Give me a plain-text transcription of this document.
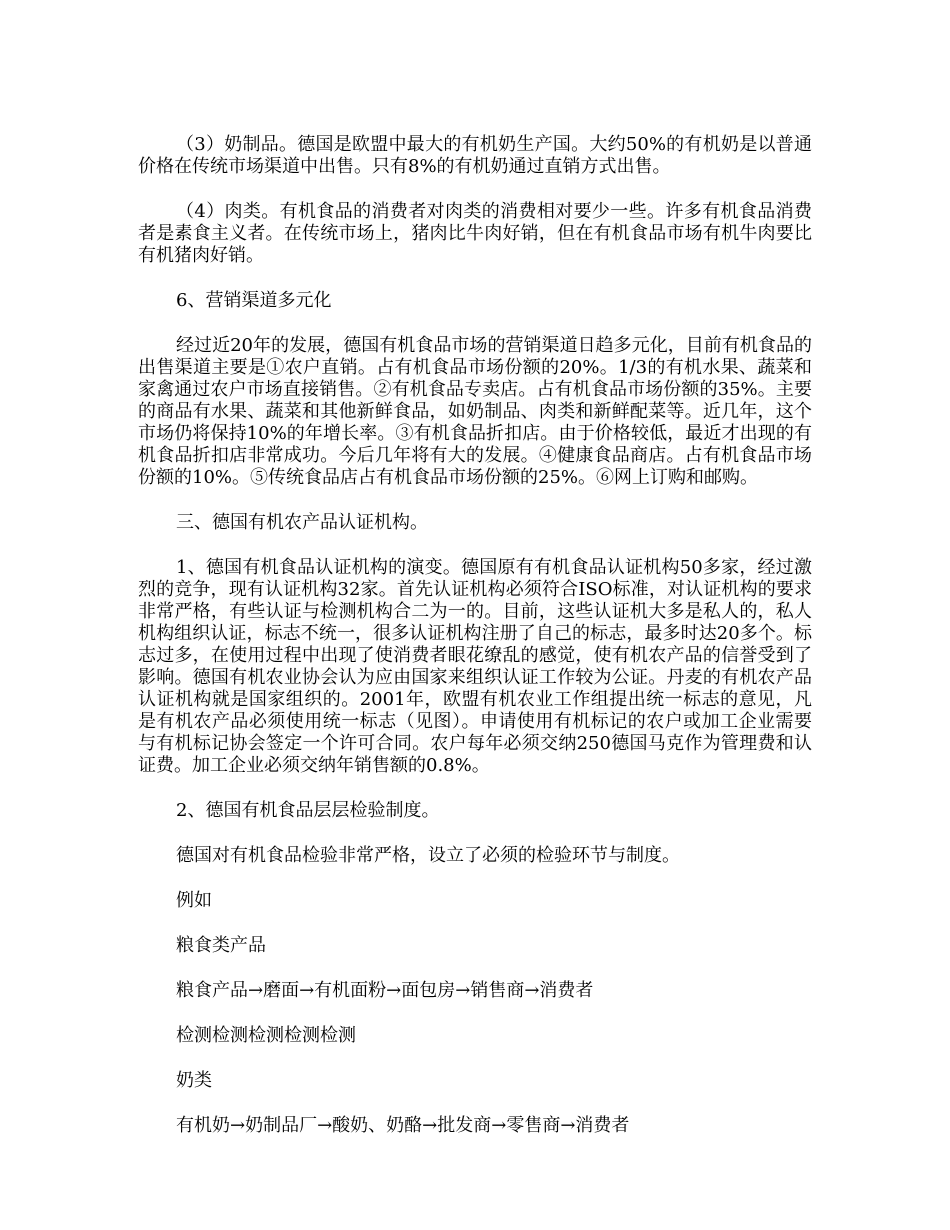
（3）奶制品。德国是欧盟中最大的有机奶生产国。大约50%的有机奶是以普通价格在传统市场渠道中出售。只有8%的有机奶通过直销方式出售。

（4）肉类。有机食品的消费者对肉类的消费相对要少一些。许多有机食品消费者是素食主义者。在传统市场上，猪肉比牛肉好销，但在有机食品市场有机牛肉要比有机猪肉好销。

6、营销渠道多元化

经过近20年的发展，德国有机食品市场的营销渠道日趋多元化，目前有机食品的出售渠道主要是①农户直销。占有机食品市场份额的20%。1/3的有机水果、蔬菜和家禽通过农户市场直接销售。②有机食品专卖店。占有机食品市场份额的35%。主要的商品有水果、蔬菜和其他新鲜食品，如奶制品、肉类和新鲜配菜等。近几年，这个市场仍将保持10%的年增长率。③有机食品折扣店。由于价格较低，最近才出现的有机食品折扣店非常成功。今后几年将有大的发展。④健康食品商店。占有机食品市场份额的10%。⑤传统食品店占有机食品市场份额的25%。⑥网上订购和邮购。

三、德国有机农产品认证机构。

1、德国有机食品认证机构的演变。德国原有有机食品认证机构50多家，经过激烈的竞争，现有认证机构32家。首先认证机构必须符合ISO标准，对认证机构的要求非常严格，有些认证与检测机构合二为一的。目前，这些认证机大多是私人的，私人机构组织认证，标志不统一，很多认证机构注册了自己的标志，最多时达20多个。标志过多，在使用过程中出现了使消费者眼花缭乱的感觉，使有机农产品的信誉受到了影响。德国有机农业协会认为应由国家来组织认证工作较为公证。丹麦的有机农产品认证机构就是国家组织的。2001年，欧盟有机农业工作组提出统一标志的意见，凡是有机农产品必须使用统一标志（见图）。申请使用有机标记的农户或加工企业需要与有机标记协会签定一个许可合同。农户每年必须交纳250德国马克作为管理费和认证费。加工企业必须交纳年销售额的0.8%。

2、德国有机食品层层检验制度。

德国对有机食品检验非常严格，设立了必须的检验环节与制度。

例如

粮食类产品

粮食产品→磨面→有机面粉→面包房→销售商→消费者

检测检测检测检测检测

奶类

有机奶→奶制品厂→酸奶、奶酪→批发商→零售商→消费者
